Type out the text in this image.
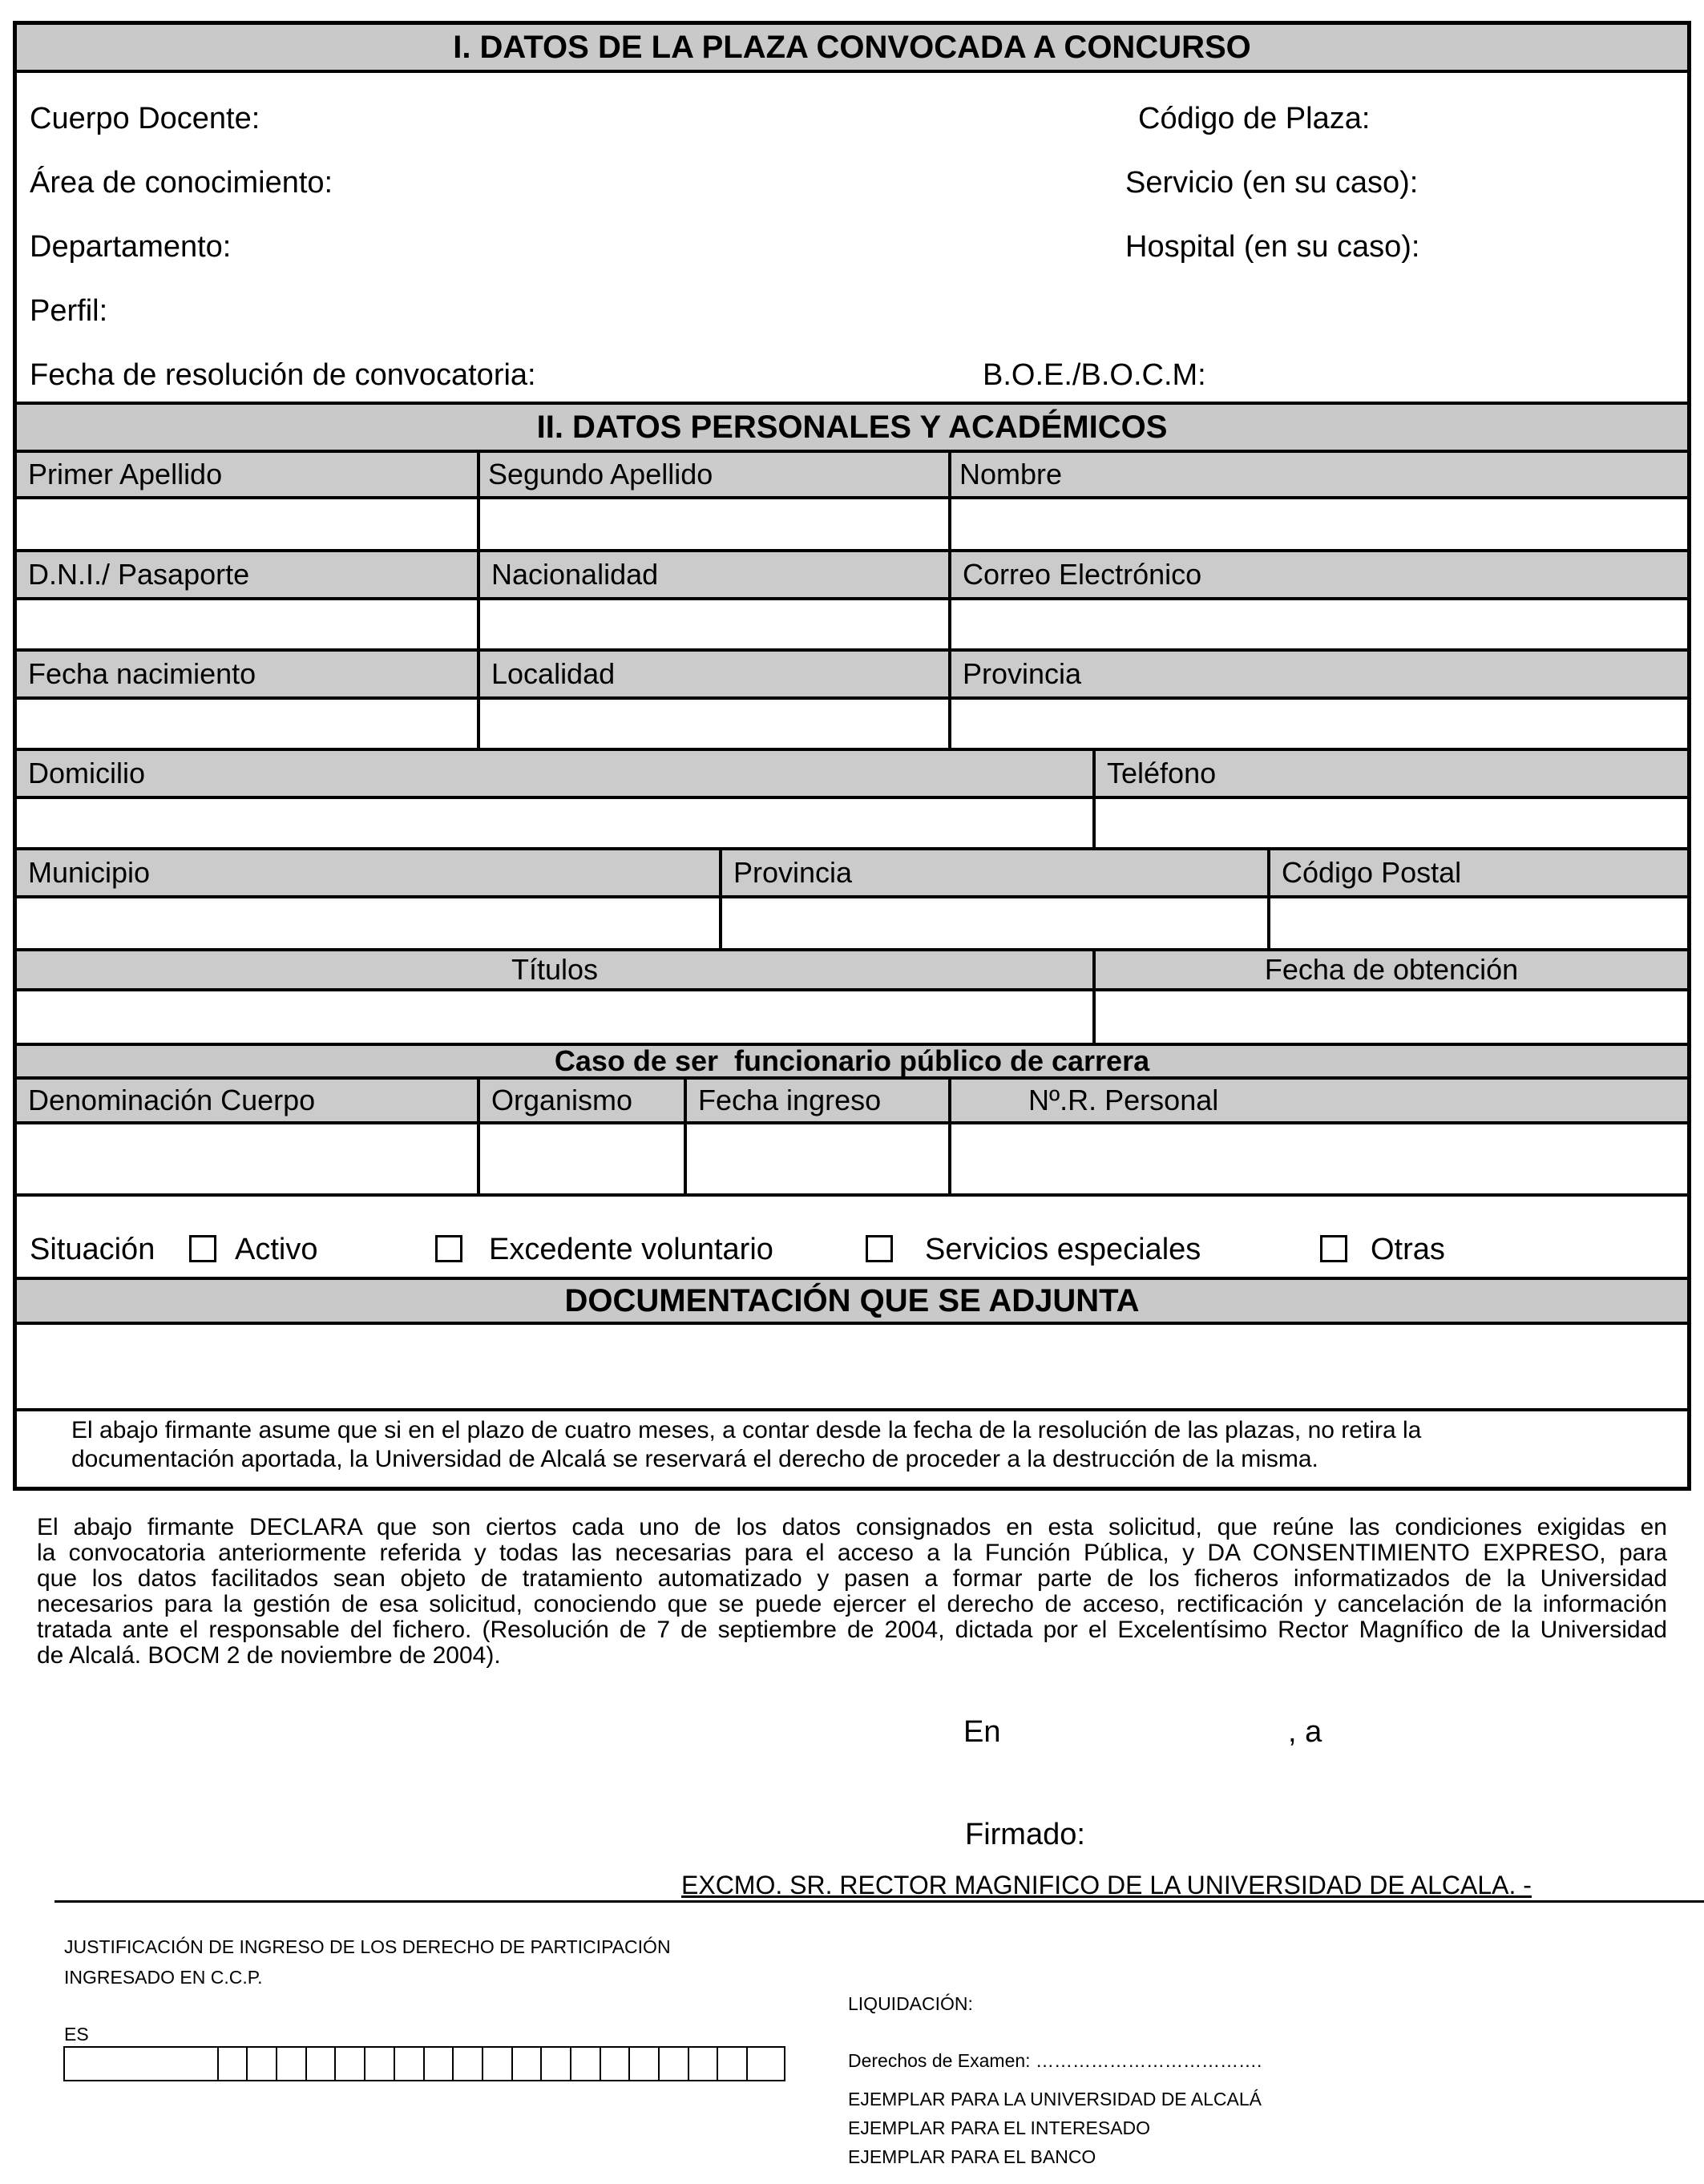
I. DATOS DE LA PLAZA CONVOCADA A CONCURSO
Cuerpo Docente:	Código de Plaza:
Área de conocimiento:	Servicio (en su caso):
Departamento:	Hospital (en su caso):
Perfil:
Fecha de resolución de convocatoria:	B.O.E./B.O.C.M:
II. DATOS PERSONALES Y ACADÉMICOS
Primer Apellido	Segundo Apellido	Nombre
D.N.I./ Pasaporte	Nacionalidad	Correo Electrónico
Fecha nacimiento	Localidad	Provincia
Domicilio	Teléfono
Municipio	Provincia	Código Postal
Títulos	Fecha de obtención
Caso de ser  funcionario público de carrera
Denominación Cuerpo	Organismo	Fecha ingreso	Nº.R. Personal
Situación	Activo	Excedente voluntario	Servicios especiales	Otras
DOCUMENTACIÓN QUE SE ADJUNTA
El abajo firmante asume que si en el plazo de cuatro meses, a contar desde la fecha de la resolución de las plazas, no retira la
documentación aportada, la Universidad de Alcalá se reservará el derecho de proceder a la destrucción de la misma.
El abajo firmante DECLARA que son ciertos cada uno de los datos consignados en esta solicitud, que reúne las condiciones exigidas en
la convocatoria anteriormente referida y todas las necesarias para el acceso a la Función Pública, y DA CONSENTIMIENTO EXPRESO, para
que los datos facilitados sean objeto de tratamiento automatizado y pasen a formar parte de los ficheros informatizados de la Universidad
necesarios para la gestión de esa solicitud, conociendo que se puede ejercer el derecho de acceso, rectificación y cancelación de la información
tratada ante el responsable del fichero. (Resolución de 7 de septiembre de 2004, dictada por el Excelentísimo Rector Magnífico de la Universidad
de Alcalá. BOCM 2 de noviembre de 2004).
En	, a
Firmado:
EXCMO. SR. RECTOR MAGNIFICO DE LA UNIVERSIDAD DE ALCALA. -
JUSTIFICACIÓN DE INGRESO DE LOS DERECHO DE PARTICIPACIÓN
INGRESADO EN C.C.P.
ES
LIQUIDACIÓN:
Derechos de Examen: ……………………………….
EJEMPLAR PARA LA UNIVERSIDAD DE ALCALÁ
EJEMPLAR PARA EL INTERESADO
EJEMPLAR PARA EL BANCO
